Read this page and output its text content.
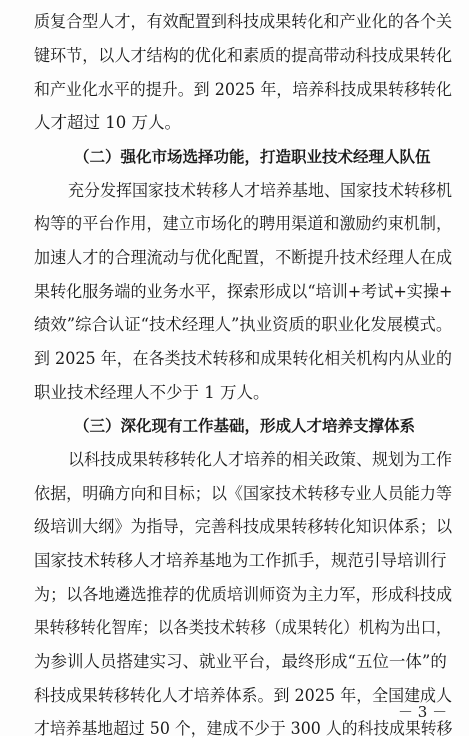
质复合型人才，有效配置到科技成果转化和产业化的各个关
键环节，以人才结构的优化和素质的提高带动科技成果转化
和产业化水平的提升。到 2025 年，培养科技成果转移转化
人才超过 10 万人。
（二）强化市场选择功能，打造职业技术经理人队伍
充分发挥国家技术转移人才培养基地、国家技术转移机
构等的平台作用，建立市场化的聘用渠道和激励约束机制，
加速人才的合理流动与优化配置，不断提升技术经理人在成
果转化服务端的业务水平，探索形成以“培训+考试+实操+
绩效”综合认证“技术经理人”执业资质的职业化发展模式。
到 2025 年，在各类技术转移和成果转化相关机构内从业的
职业技术经理人不少于 1 万人。
（三）深化现有工作基础，形成人才培养支撑体系
以科技成果转移转化人才培养的相关政策、规划为工作
依据，明确方向和目标；以《国家技术转移专业人员能力等
级培训大纲》为指导，完善科技成果转移转化知识体系；以
国家技术转移人才培养基地为工作抓手，规范引导培训行
为；以各地遴选推荐的优质培训师资为主力军，形成科技成
果转移转化智库；以各类技术转移（成果转化）机构为出口，
为参训人员搭建实习、就业平台，最终形成“五位一体”的
科技成果转移转化人才培养体系。到 2025 年，全国建成人
才培养基地超过 50 个，建成不少于 300 人的科技成果转移
－ 3 －
